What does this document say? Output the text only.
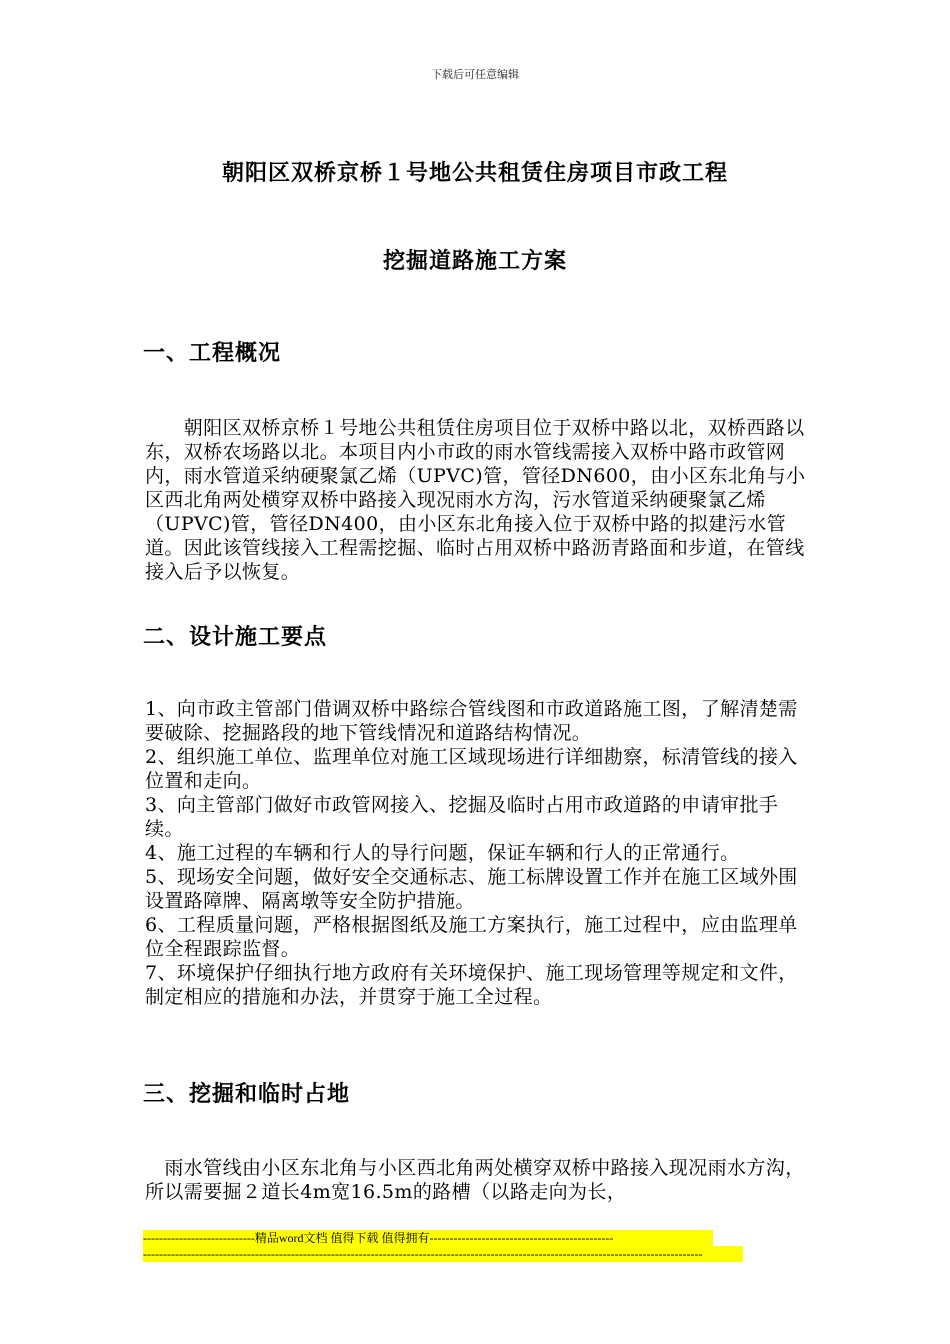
下载后可任意编辑
朝阳区双桥京桥１号地公共租赁住房项目市政工程
挖掘道路施工方案
一、工程概况

　　朝阳区双桥京桥１号地公共租赁住房项目位于双桥中路以北，双桥西路以东，双桥农场路以北。本项目内小市政的雨水管线需接入双桥中路市政管网内，雨水管道采纳硬聚氯乙烯（UPVC)管，管径DN600，由小区东北角与小区西北角两处横穿双桥中路接入现况雨水方沟，污水管道采纳硬聚氯乙烯（UPVC)管，管径DN400，由小区东北角接入位于双桥中路的拟建污水管道。因此该管线接入工程需挖掘、临时占用双桥中路沥青路面和步道，在管线接入后予以恢复。

二、设计施工要点

1、向市政主管部门借调双桥中路综合管线图和市政道路施工图，了解清楚需要破除、挖掘路段的地下管线情况和道路结构情况。

2、组织施工单位、监理单位对施工区域现场进行详细勘察，标清管线的接入位置和走向。

3、向主管部门做好市政管网接入、挖掘及临时占用市政道路的申请审批手续。

4、施工过程的车辆和行人的导行问题，保证车辆和行人的正常通行。

5、现场安全问题，做好安全交通标志、施工标牌设置工作并在施工区域外围设置路障牌、隔离墩等安全防护措施。

6、工程质量问题，严格根据图纸及施工方案执行，施工过程中，应由监理单位全程跟踪监督。

7、环境保护仔细执行地方政府有关环境保护、施工现场管理等规定和文件，制定相应的措施和办法，并贯穿于施工全过程。

三、挖掘和临时占地

　雨水管线由小区东北角与小区西北角两处横穿双桥中路接入现况雨水方沟，所以需要掘２道长4m宽16.5m的路槽（以路走向为长，

----------------------------精品word文档 值得下载 值得拥有----------------------------------------------
--------------------------------------------------------------------------------------------------------------------------------------------
